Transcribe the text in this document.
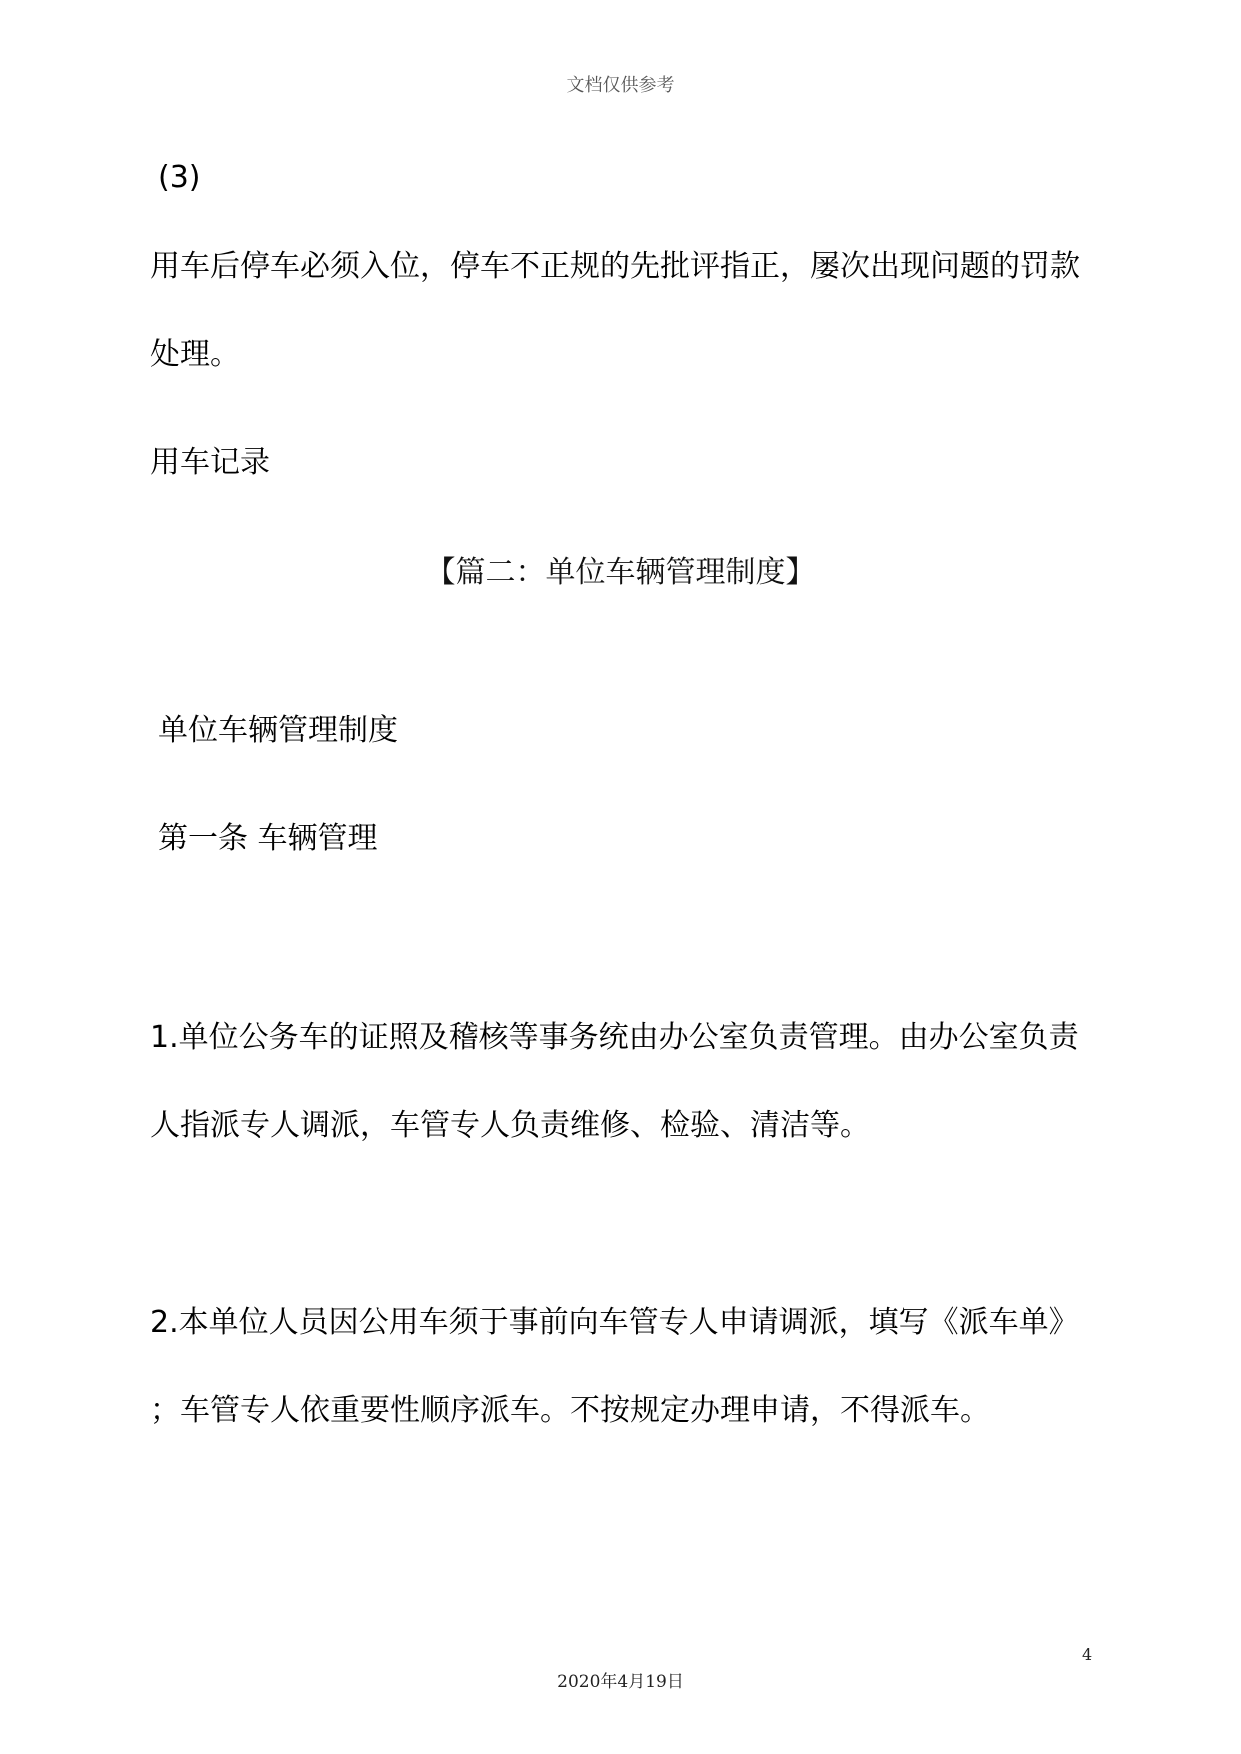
文档仅供参考
(3)
用车后停车必须入位，停车不正规的先批评指正，屡次出现问题的罚款
处理。
用车记录
【篇二：单位车辆管理制度】
单位车辆管理制度
第一条 车辆管理
1.单位公务车的证照及稽核等事务统由办公室负责管理。由办公室负责
人指派专人调派，车管专人负责维修、检验、清洁等。
2.本单位人员因公用车须于事前向车管专人申请调派，填写《派车单》
；车管专人依重要性顺序派车。不按规定办理申请，不得派车。
4
2020年4月19日
